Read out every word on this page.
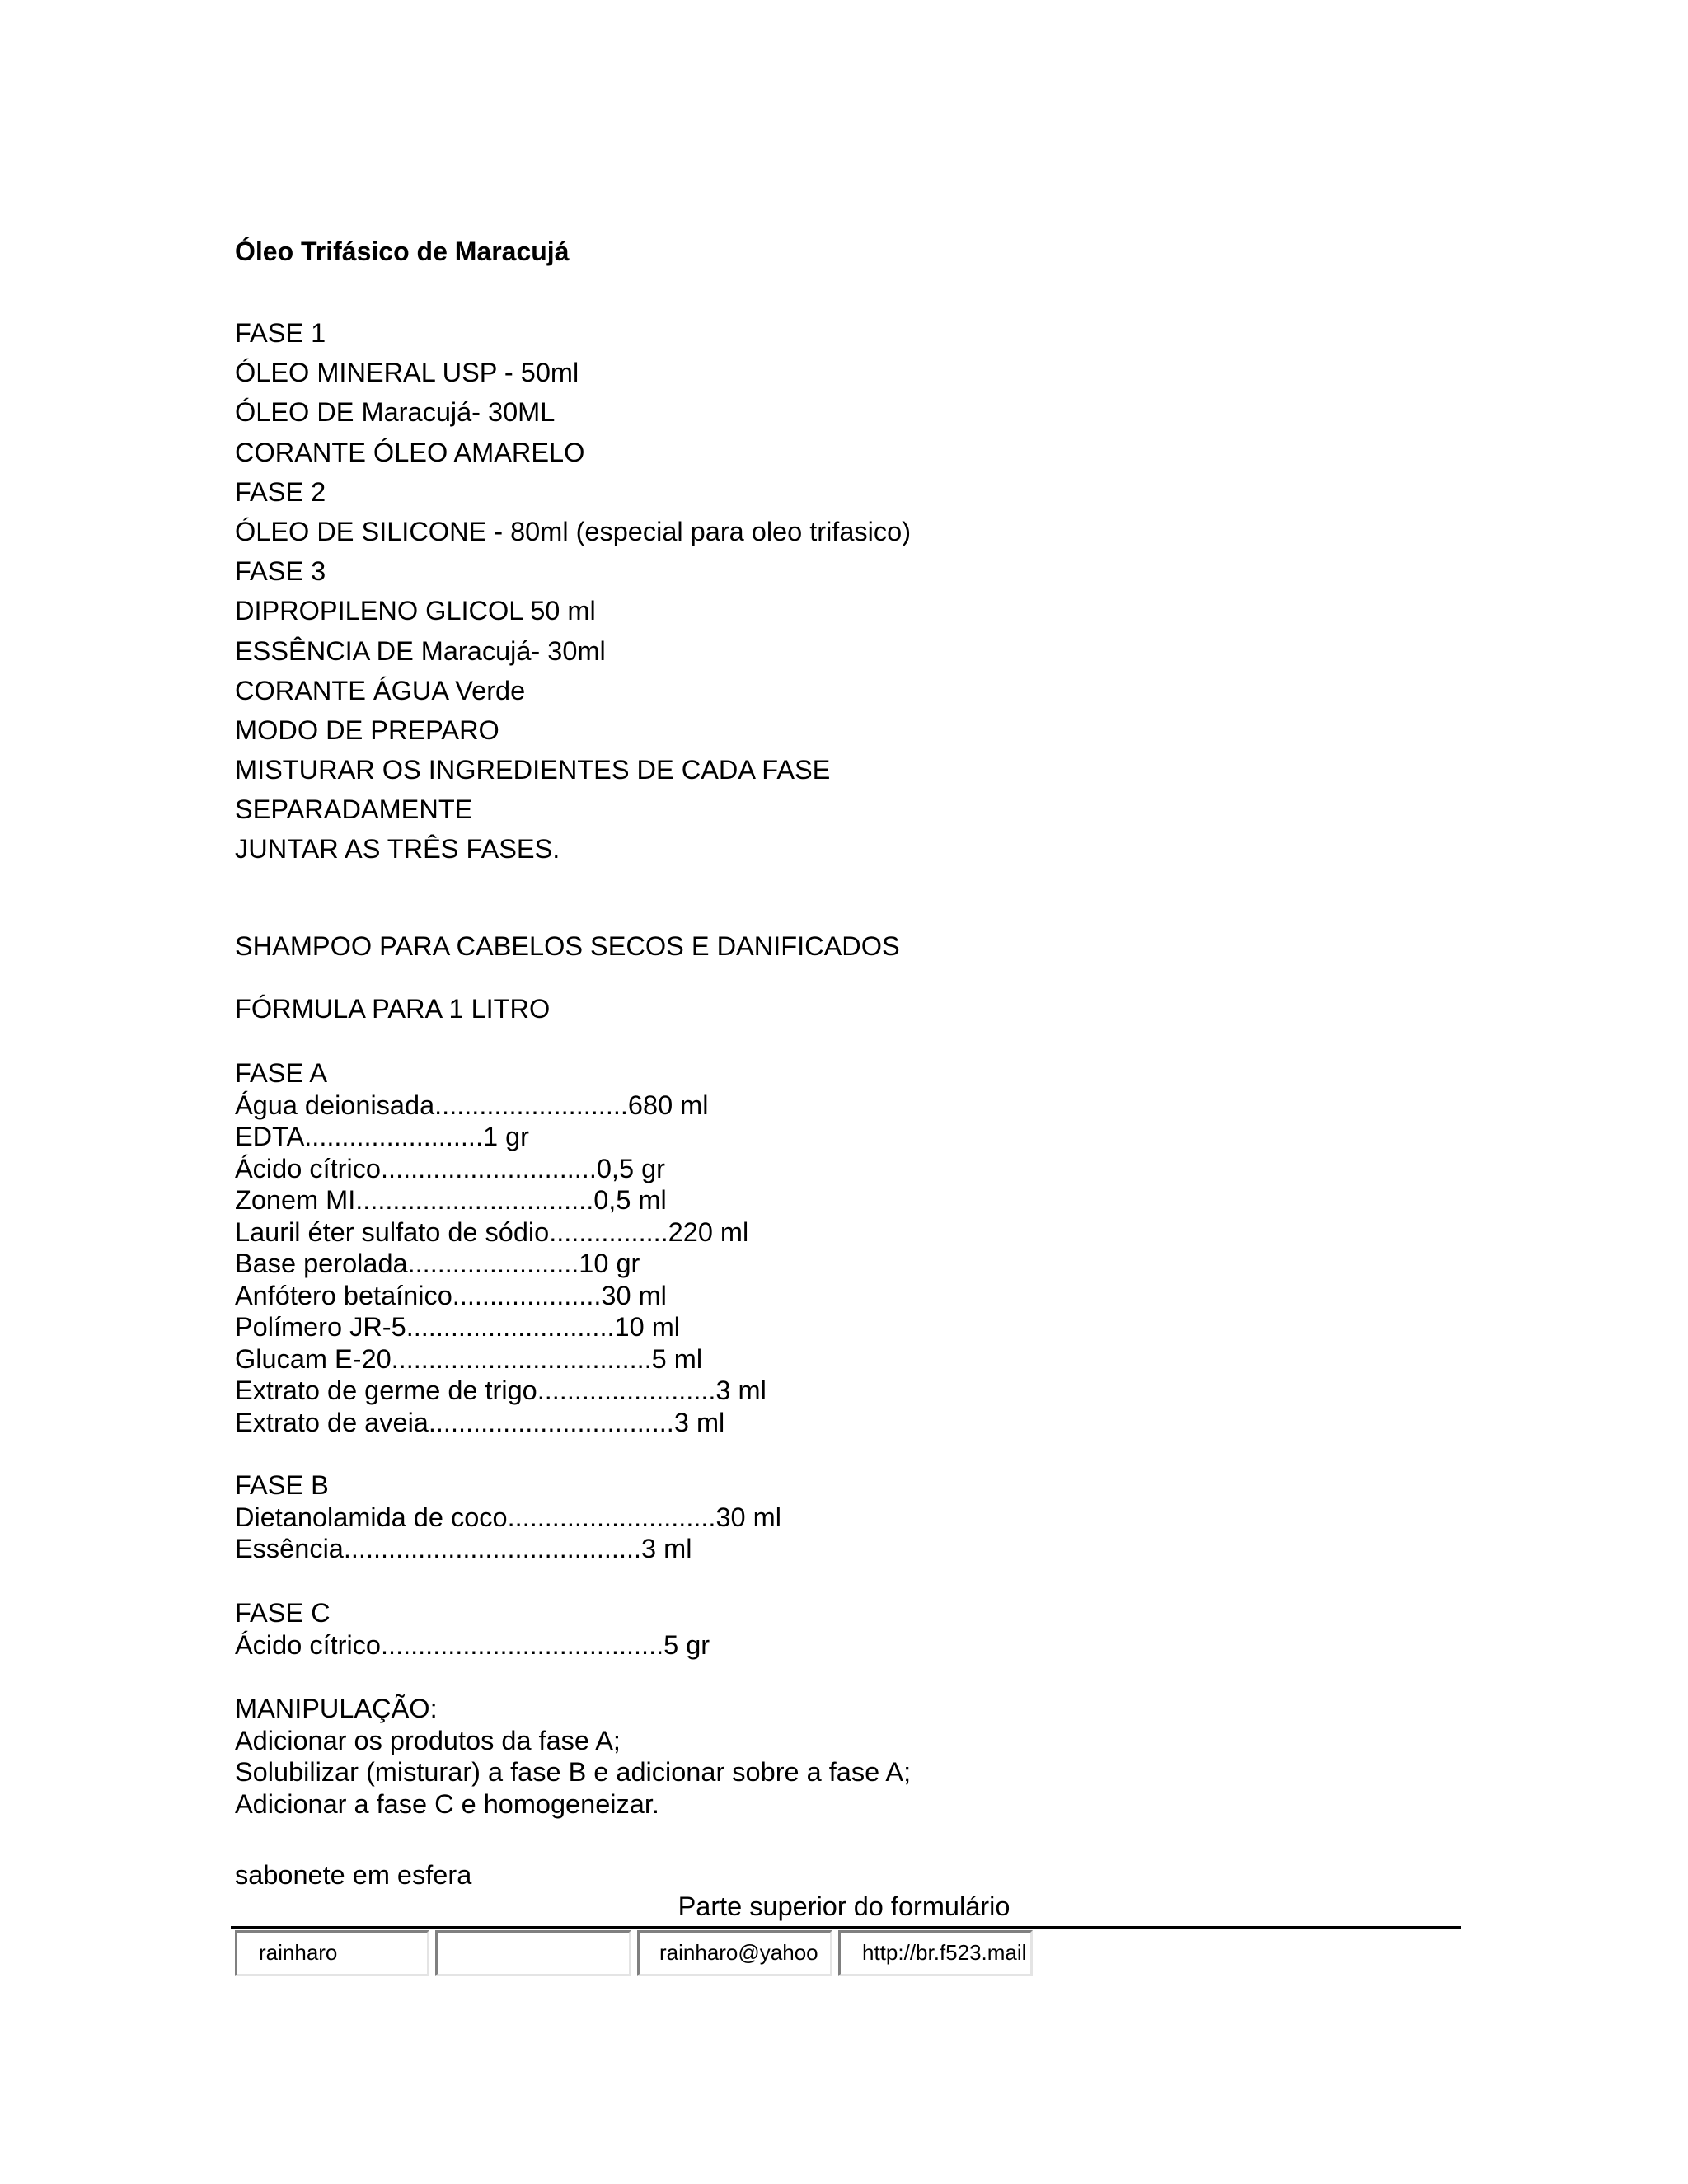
Óleo Trifásico de Maracujá
FASE 1
ÓLEO MINERAL USP - 50ml
ÓLEO DE Maracujá- 30ML
CORANTE ÓLEO AMARELO
FASE 2
ÓLEO DE SILICONE - 80ml (especial para oleo trifasico)
FASE 3
DIPROPILENO GLICOL 50 ml
ESSÊNCIA DE Maracujá- 30ml
CORANTE ÁGUA Verde
MODO DE PREPARO
MISTURAR OS INGREDIENTES DE CADA FASE
SEPARADAMENTE
JUNTAR AS TRÊS FASES.
SHAMPOO PARA CABELOS SECOS E DANIFICADOS
FÓRMULA PARA 1 LITRO
FASE A
Água deionisada..........................680 ml
EDTA........................1 gr
Ácido cítrico.............................0,5 gr
Zonem MI................................0,5 ml
Lauril éter sulfato de sódio................220 ml
Base perolada.......................10 gr
Anfótero betaínico....................30 ml
Polímero JR-5............................10 ml
Glucam E-20...................................5 ml
Extrato de germe de trigo........................3 ml
Extrato de aveia.................................3 ml
FASE B
Dietanolamida de coco............................30 ml
Essência........................................3 ml
FASE C
Ácido cítrico......................................5 gr
MANIPULAÇÃO:
Adicionar os produtos da fase A;
Solubilizar (misturar) a fase B e adicionar sobre a fase A;
Adicionar a fase C e homogeneizar.
sabonete em esfera
Parte superior do formulário
rainharo	rainharo@yahoo	http://br.f523.mail
